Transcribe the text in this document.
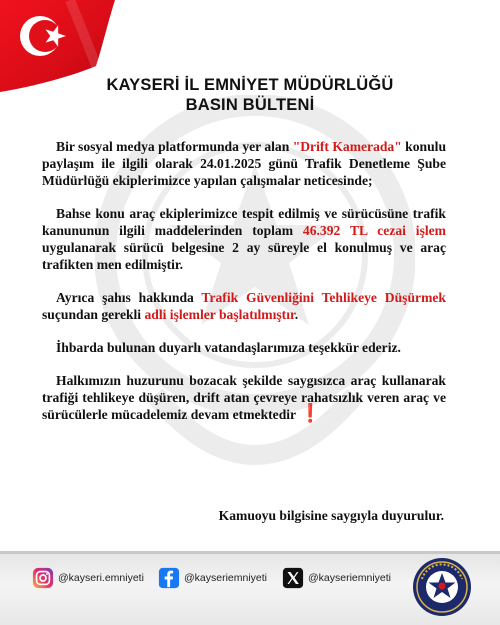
KAYSERİ İL EMNİYET MÜDÜRLÜĞÜ
BASIN BÜLTENİ

Bir sosyal medya platformunda yer alan "Drift Kamerada" konulu paylaşım ile ilgili olarak 24.01.2025 günü Trafik Denetleme Şube Müdürlüğü ekiplerimizce yapılan çalışmalar neticesinde;

Bahse konu araç ekiplerimizce tespit edilmiş ve sürücüsüne trafik kanununun ilgili maddelerinden toplam 46.392 TL cezai işlem uygulanarak sürücü belgesine 2 ay süreyle el konulmuş ve araç trafikten men edilmiştir.

Ayrıca şahıs hakkında Trafik Güvenliğini Tehlikeye Düşürmek suçundan gerekli adli işlemler başlatılmıştır.

İhbarda bulunan duyarlı vatandaşlarımıza teşekkür ederiz.

Halkımızın huzurunu bozacak şekilde saygısızca araç kullanarak trafiği tehlikeye düşüren, drift atan çevreye rahatsızlık veren araç ve sürücülerle mücadelemiz devam etmektedir ❗

Kamuoyu bilgisine saygıyla duyurulur.
@kayseri.emniyeti	@kayseriemniyeti	@kayseriemniyeti
